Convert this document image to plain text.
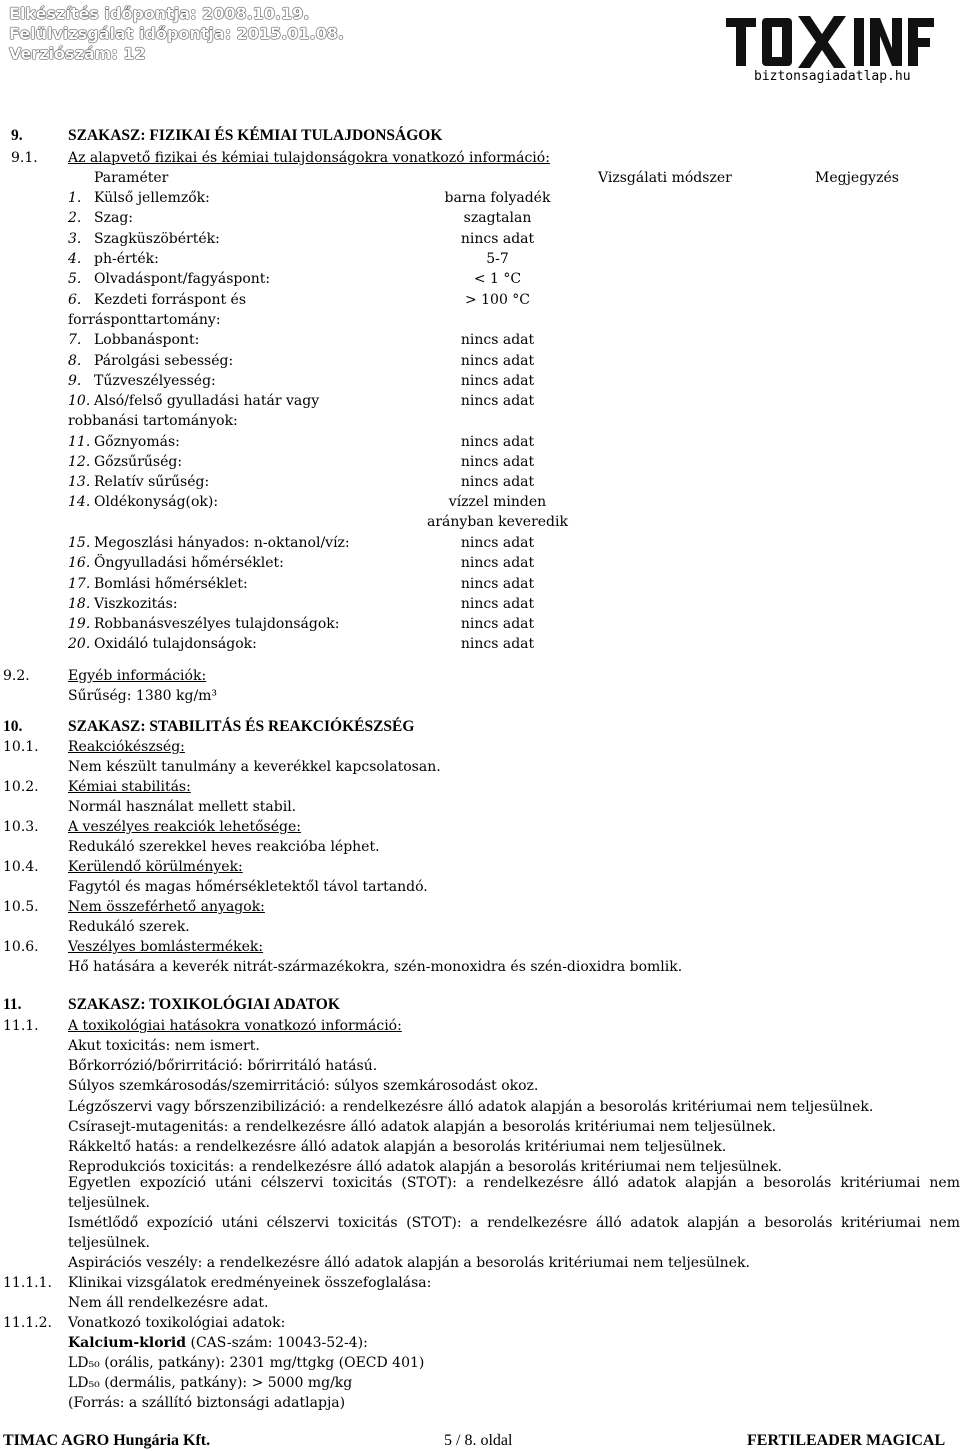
Elkészítés időpontja: 2008.10.19.
Felülvizsgálat időpontja: 2015.01.08.
Verziószám: 12
biztonsagiadatlap.hu
9.	SZAKASZ: FIZIKAI ÉS KÉMIAI TULAJDONSÁGOK
9.1. Az alapvető fizikai és kémiai tulajdonságokra vonatkozó információ:
Paraméter	Vizsgálati módszer	Megjegyzés
1. Külső jellemzők:	barna folyadék
2. Szag:	szagtalan
3. Szagküszöbérték:	nincs adat
4. ph-érték:	5-7
5. Olvadáspont/fagyáspont:	< 1 °C
6. Kezdeti forráspont és	> 100 °C
forrásponttartomány:
7. Lobbanáspont:	nincs adat
8. Párolgási sebesség:	nincs adat
9. Tűzveszélyesség:	nincs adat
10. Alsó/felső gyulladási határ vagy	nincs adat
robbanási tartományok:
11. Gőznyomás:	nincs adat
12. Gőzsűrűség:	nincs adat
13. Relatív sűrűség:	nincs adat
14. Oldékonyság(ok):	vízzel minden
arányban keveredik
15. Megoszlási hányados: n-oktanol/víz:	nincs adat
16. Öngyulladási hőmérséklet:	nincs adat
17. Bomlási hőmérséklet:	nincs adat
18. Viszkozitás:	nincs adat
19. Robbanásveszélyes tulajdonságok:	nincs adat
20. Oxidáló tulajdonságok:	nincs adat
9.2.	Egyéb információk:
Sűrűség: 1380 kg/m³
10.	SZAKASZ: STABILITÁS ÉS REAKCIÓKÉSZSÉG
10.1. Reakciókészség:
Nem készült tanulmány a keverékkel kapcsolatosan.
10.2. Kémiai stabilitás:
Normál használat mellett stabil.
10.3. A veszélyes reakciók lehetősége:
Redukáló szerekkel heves reakcióba léphet.
10.4. Kerülendő körülmények:
Fagytól és magas hőmérsékletektől távol tartandó.
10.5. Nem összeférhető anyagok:
Redukáló szerek.
10.6. Veszélyes bomlástermékek:
Hő hatására a keverék nitrát-származékokra, szén-monoxidra és szén-dioxidra bomlik.
11.	SZAKASZ: TOXIKOLÓGIAI ADATOK
11.1. A toxikológiai hatásokra vonatkozó információ:
Akut toxicitás: nem ismert.
Bőrkorrózió/bőrirritáció: bőrirritáló hatású.
Súlyos szemkárosodás/szemirritáció: súlyos szemkárosodást okoz.
Légzőszervi vagy bőrszenzibilizáció: a rendelkezésre álló adatok alapján a besorolás kritériumai nem teljesülnek.
Csírasejt-mutagenitás: a rendelkezésre álló adatok alapján a besorolás kritériumai nem teljesülnek.
Rákkeltő hatás: a rendelkezésre álló adatok alapján a besorolás kritériumai nem teljesülnek.
Reprodukciós toxicitás: a rendelkezésre álló adatok alapján a besorolás kritériumai nem teljesülnek.
Egyetlen expozíció utáni célszervi toxicitás (STOT): a rendelkezésre álló adatok alapján a besorolás kritériumai nem teljesülnek.
Ismétlődő expozíció utáni célszervi toxicitás (STOT): a rendelkezésre álló adatok alapján a besorolás kritériumai nem teljesülnek.
Aspirációs veszély: a rendelkezésre álló adatok alapján a besorolás kritériumai nem teljesülnek.
11.1.1. Klinikai vizsgálatok eredményeinek összefoglalása:
Nem áll rendelkezésre adat.
11.1.2. Vonatkozó toxikológiai adatok:
Kalcium-klorid (CAS-szám: 10043-52-4):
LD₅₀ (orális, patkány): 2301 mg/ttgkg (OECD 401)
LD₅₀ (dermális, patkány): > 5000 mg/kg
(Forrás: a szállító biztonsági adatlapja)
TIMAC AGRO Hungária Kft.	5 / 8. oldal	FERTILEADER MAGICAL
